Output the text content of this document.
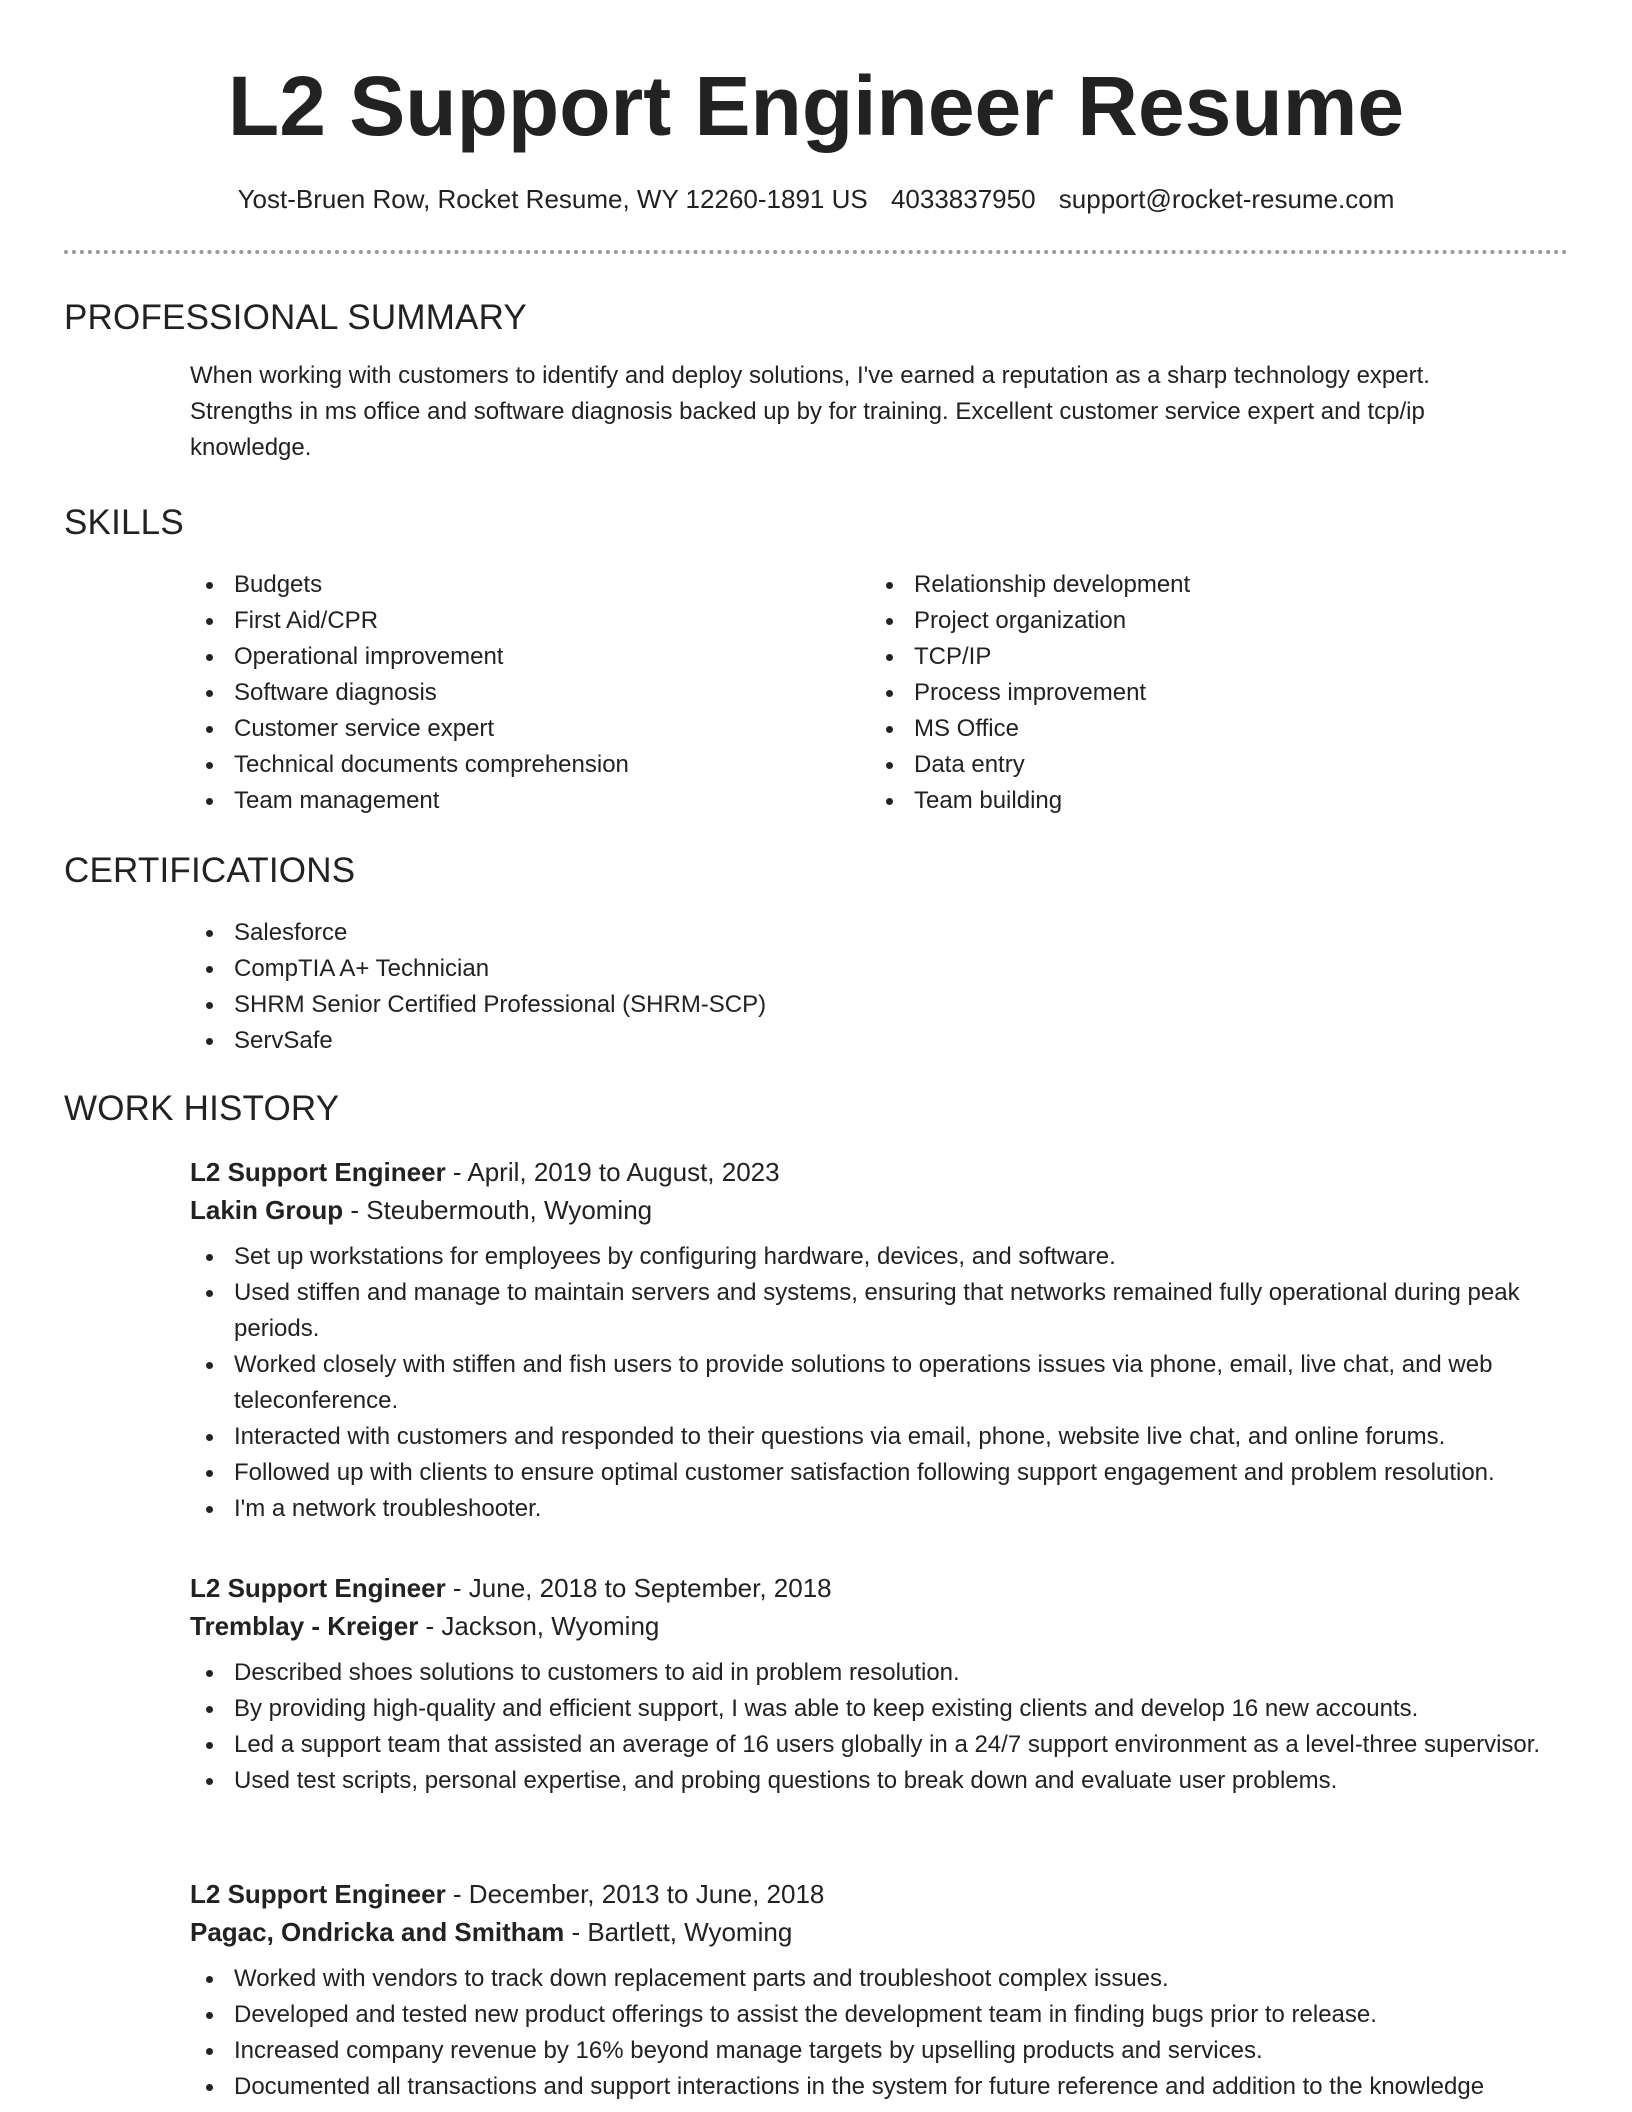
L2 Support Engineer Resume
Yost-Bruen Row, Rocket Resume, WY 12260-1891 US 4033837950 support@rocket-resume.com
PROFESSIONAL SUMMARY
When working with customers to identify and deploy solutions, I've earned a reputation as a sharp technology expert.
Strengths in ms office and software diagnosis backed up by for training. Excellent customer service expert and tcp/ip
knowledge.
SKILLS
Budgets
First Aid/CPR
Operational improvement
Software diagnosis
Customer service expert
Technical documents comprehension
Team management
Relationship development
Project organization
TCP/IP
Process improvement
MS Office
Data entry
Team building
CERTIFICATIONS
Salesforce
CompTIA A+ Technician
SHRM Senior Certified Professional (SHRM-SCP)
ServSafe
WORK HISTORY
L2 Support Engineer - April, 2019 to August, 2023
Lakin Group - Steubermouth, Wyoming
Set up workstations for employees by configuring hardware, devices, and software.
Used stiffen and manage to maintain servers and systems, ensuring that networks remained fully operational during peak periods.
Worked closely with stiffen and fish users to provide solutions to operations issues via phone, email, live chat, and web teleconference.
Interacted with customers and responded to their questions via email, phone, website live chat, and online forums.
Followed up with clients to ensure optimal customer satisfaction following support engagement and problem resolution.
I'm a network troubleshooter.
L2 Support Engineer - June, 2018 to September, 2018
Tremblay - Kreiger - Jackson, Wyoming
Described shoes solutions to customers to aid in problem resolution.
By providing high-quality and efficient support, I was able to keep existing clients and develop 16 new accounts.
Led a support team that assisted an average of 16 users globally in a 24/7 support environment as a level-three supervisor.
Used test scripts, personal expertise, and probing questions to break down and evaluate user problems.
L2 Support Engineer - December, 2013 to June, 2018
Pagac, Ondricka and Smitham - Bartlett, Wyoming
Worked with vendors to track down replacement parts and troubleshoot complex issues.
Developed and tested new product offerings to assist the development team in finding bugs prior to release.
Increased company revenue by 16% beyond manage targets by upselling products and services.
Documented all transactions and support interactions in the system for future reference and addition to the knowledge
